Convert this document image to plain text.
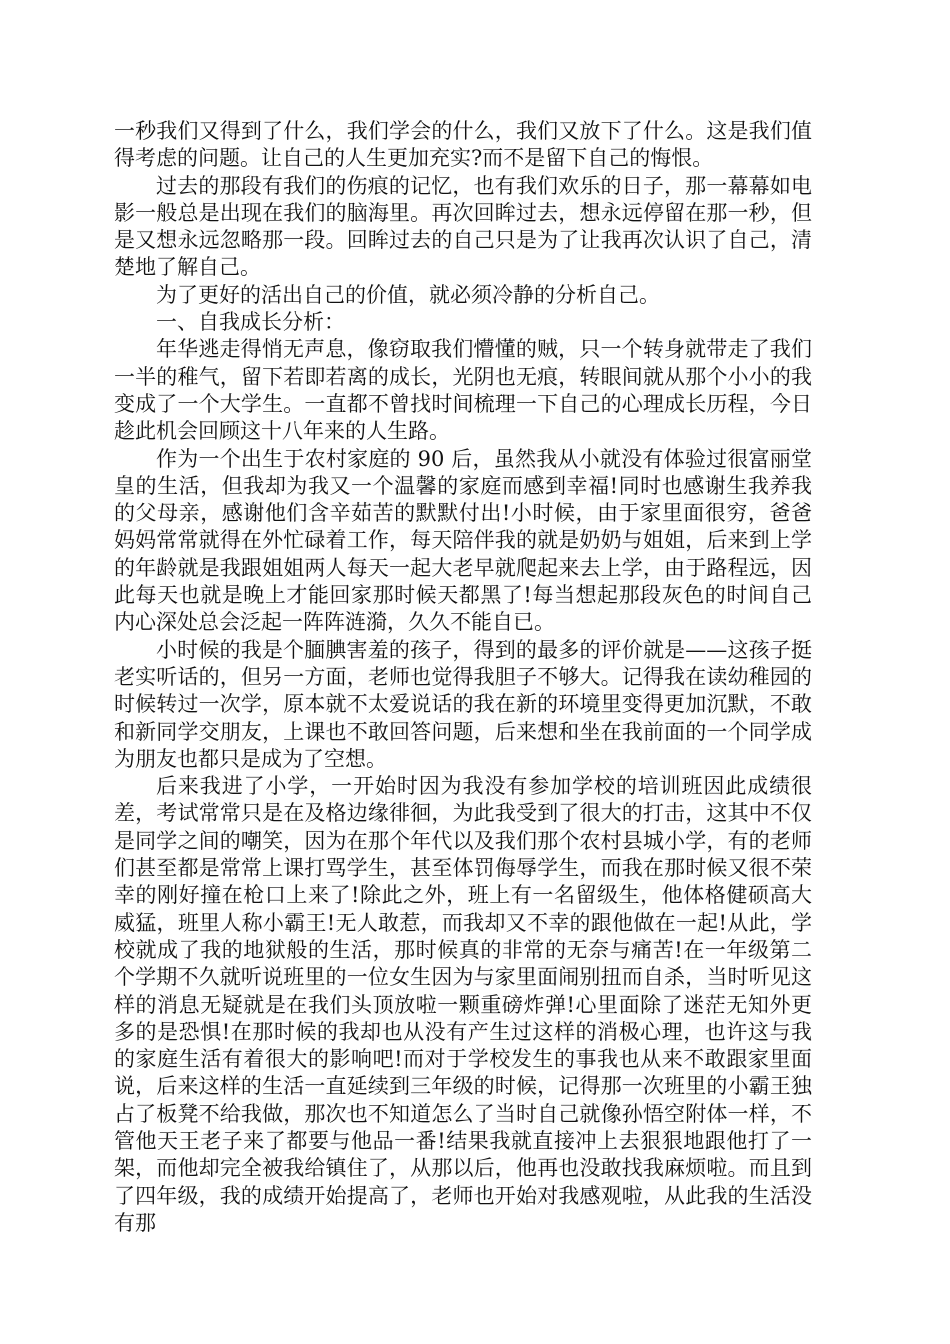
一秒我们又得到了什么，我们学会的什么，我们又放下了什么。这是我们值得考虑的问题。让自己的人生更加充实?而不是留下自己的悔恨。

过去的那段有我们的伤痕的记忆，也有我们欢乐的日子，那一幕幕如电影一般总是出现在我们的脑海里。再次回眸过去，想永远停留在那一秒，但是又想永远忽略那一段。回眸过去的自己只是为了让我再次认识了自己，清楚地了解自己。

为了更好的活出自己的价值，就必须冷静的分析自己。

一、自我成长分析：

年华逃走得悄无声息，像窃取我们懵懂的贼，只一个转身就带走了我们一半的稚气，留下若即若离的成长，光阴也无痕，转眼间就从那个小小的我变成了一个大学生。一直都不曾找时间梳理一下自己的心理成长历程，今日趁此机会回顾这十八年来的人生路。

作为一个出生于农村家庭的 90 后，虽然我从小就没有体验过很富丽堂皇的生活，但我却为我又一个温馨的家庭而感到幸福!同时也感谢生我养我的父母亲，感谢他们含辛茹苦的默默付出!小时候，由于家里面很穷，爸爸妈妈常常就得在外忙碌着工作，每天陪伴我的就是奶奶与姐姐，后来到上学的年龄就是我跟姐姐两人每天一起大老早就爬起来去上学，由于路程远，因此每天也就是晚上才能回家那时候天都黑了!每当想起那段灰色的时间自己内心深处总会泛起一阵阵涟漪，久久不能自已。

小时候的我是个腼腆害羞的孩子，得到的最多的评价就是——这孩子挺老实听话的，但另一方面，老师也觉得我胆子不够大。记得我在读幼稚园的时候转过一次学，原本就不太爱说话的我在新的环境里变得更加沉默，不敢和新同学交朋友，上课也不敢回答问题，后来想和坐在我前面的一个同学成为朋友也都只是成为了空想。

后来我进了小学，一开始时因为我没有参加学校的培训班因此成绩很差，考试常常只是在及格边缘徘徊，为此我受到了很大的打击，这其中不仅是同学之间的嘲笑，因为在那个年代以及我们那个农村县城小学，有的老师们甚至都是常常上课打骂学生，甚至体罚侮辱学生，而我在那时候又很不荣幸的刚好撞在枪口上来了!除此之外，班上有一名留级生，他体格健硕高大威猛，班里人称小霸王!无人敢惹，而我却又不幸的跟他做在一起!从此，学校就成了我的地狱般的生活，那时候真的非常的无奈与痛苦!在一年级第二个学期不久就听说班里的一位女生因为与家里面闹别扭而自杀，当时听见这样的消息无疑就是在我们头顶放啦一颗重磅炸弹!心里面除了迷茫无知外更多的是恐惧!在那时候的我却也从没有产生过这样的消极心理，也许这与我的家庭生活有着很大的影响吧!而对于学校发生的事我也从来不敢跟家里面说，后来这样的生活一直延续到三年级的时候，记得那一次班里的小霸王独占了板凳不给我做，那次也不知道怎么了当时自己就像孙悟空附体一样，不管他天王老子来了都要与他品一番!结果我就直接冲上去狠狠地跟他打了一架，而他却完全被我给镇住了，从那以后，他再也没敢找我麻烦啦。而且到了四年级，我的成绩开始提高了，老师也开始对我感观啦，从此我的生活没有那
